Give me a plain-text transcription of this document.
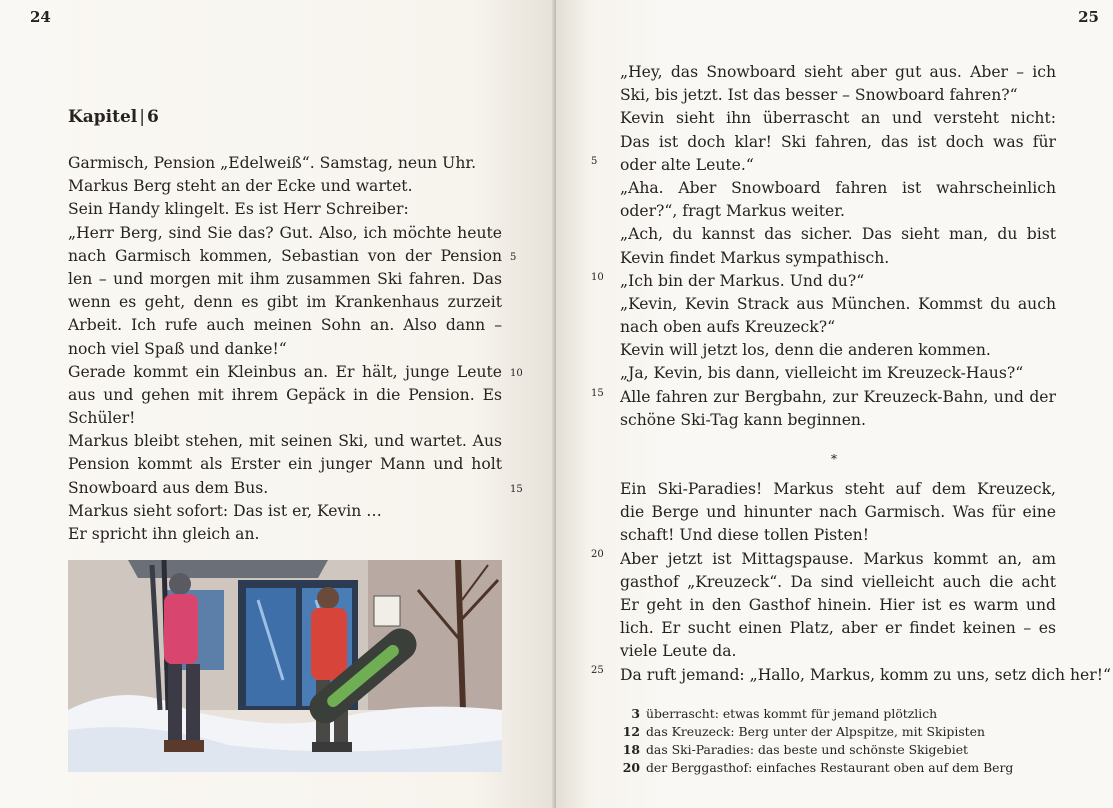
24
Kapitel | 6
Garmisch, Pension „Edelweiß“. Samstag, neun Uhr.
Markus Berg steht an der Ecke und wartet.
Sein Handy klingelt. Es ist Herr Schreiber:
„Herr Berg, sind Sie das? Gut. Also, ich möchte heute
nach Garmisch kommen, Sebastian von der Pension
len – und morgen mit ihm zusammen Ski fahren. Das
wenn es geht, denn es gibt im Krankenhaus zurzeit
Arbeit. Ich rufe auch meinen Sohn an. Also dann –
noch viel Spaß und danke!“
Gerade kommt ein Kleinbus an. Er hält, junge Leute
aus und gehen mit ihrem Gepäck in die Pension. Es
Schüler!
Markus bleibt stehen, mit seinen Ski, und wartet. Aus
Pension kommt als Erster ein junger Mann und holt
Snowboard aus dem Bus.
Markus sieht sofort: Das ist er, Kevin …
Er spricht ihn gleich an.
5
10
15
25
„Hey, das Snowboard sieht aber gut aus. Aber – ich
Ski, bis jetzt. Ist das besser – Snowboard fahren?“
Kevin sieht ihn überrascht an und versteht nicht:
Das ist doch klar! Ski fahren, das ist doch was für
oder alte Leute.“
„Aha. Aber Snowboard fahren ist wahrscheinlich
oder?“, fragt Markus weiter.
„Ach, du kannst das sicher. Das sieht man, du bist
Kevin findet Markus sympathisch.
„Ich bin der Markus. Und du?“
„Kevin, Kevin Strack aus München. Kommst du auch
nach oben aufs Kreuzeck?“
Kevin will jetzt los, denn die anderen kommen.
„Ja, Kevin, bis dann, vielleicht im Kreuzeck-Haus?“
Alle fahren zur Bergbahn, zur Kreuzeck-Bahn, und der
schöne Ski-Tag kann beginnen.
5
10
15
*
Ein Ski-Paradies! Markus steht auf dem Kreuzeck,
die Berge und hinunter nach Garmisch. Was für eine
schaft! Und diese tollen Pisten!
Aber jetzt ist Mittagspause. Markus kommt an, am
gasthof „Kreuzeck“. Da sind vielleicht auch die acht
Er geht in den Gasthof hinein. Hier ist es warm und
lich. Er sucht einen Platz, aber er findet keinen – es
viele Leute da.
Da ruft jemand: „Hallo, Markus, komm zu uns, setz dich her!“
20
25
3 überrascht: etwas kommt für jemand plötzlich
12 das Kreuzeck: Berg unter der Alpspitze, mit Skipisten
18 das Ski-Paradies: das beste und schönste Skigebiet
20 der Berggasthof: einfaches Restaurant oben auf dem Berg
